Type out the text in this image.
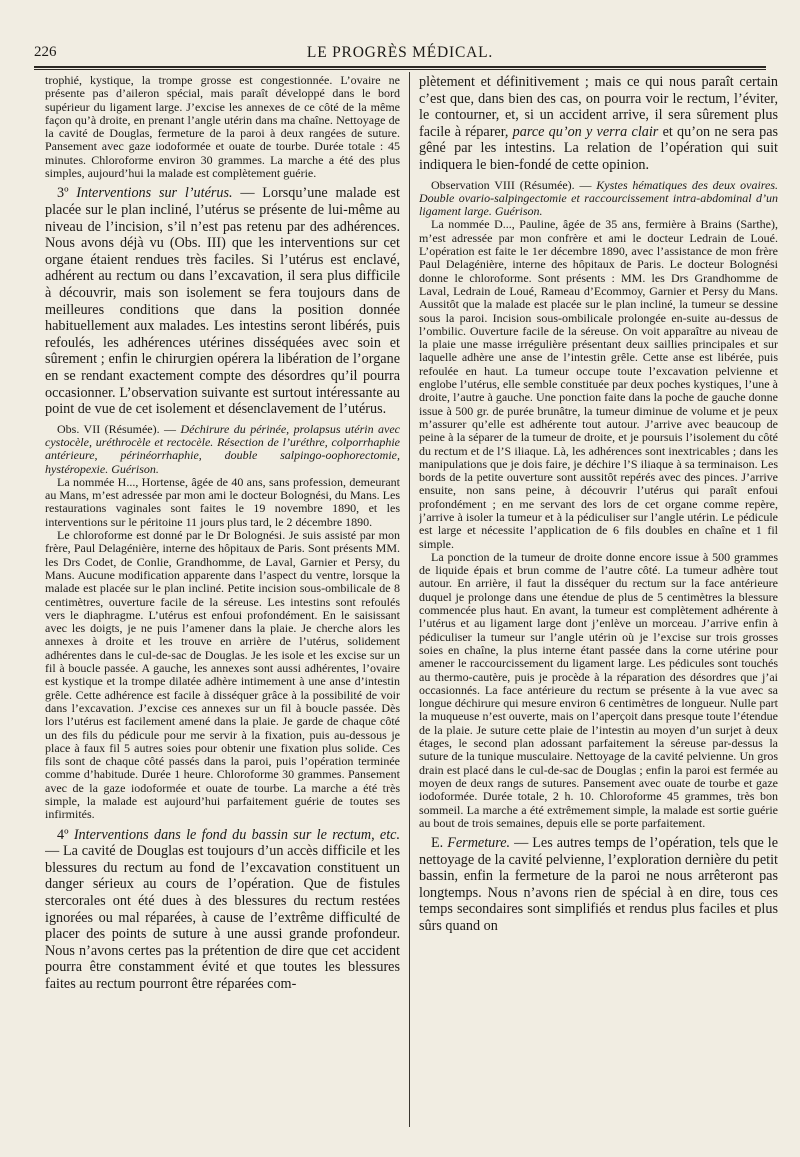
226	LE PROGRÈS MÉDICAL.

trophié, kystique, la trompe grosse est congestionnée. L’ovaire ne présente pas d’aileron spécial, mais paraît développé dans le bord supérieur du ligament large. J’excise les annexes de ce côté de la même façon qu’à droite, en prenant l’angle utérin dans ma chaîne. Nettoyage de la cavité de Douglas, fermeture de la paroi à deux rangées de suture. Pansement avec gaze iodoformée et ouate de tourbe. Durée totale : 45 minutes. Chloroforme environ 30 grammes. La marche a été des plus simples, aujourd’hui la malade est complètement guérie.

3º Interventions sur l’utérus. — Lorsqu’une malade est placée sur le plan incliné, l’utérus se présente de lui-même au niveau de l’incision, s’il n’est pas retenu par des adhérences. Nous avons déjà vu (Obs. III) que les interventions sur cet organe étaient rendues très faciles. Si l’utérus est enclavé, adhérent au rectum ou dans l’excavation, il sera plus difficile à découvrir, mais son isolement se fera toujours dans de meilleures conditions que dans la position donnée habituellement aux malades. Les intestins seront libérés, puis refoulés, les adhérences utérines disséquées avec soin et sûrement ; enfin le chirurgien opérera la libération de l’organe en se rendant exactement compte des désordres qu’il pourra occasionner. L’observation suivante est surtout intéressante au point de vue de cet isolement et désenclavement de l’utérus.

Obs. VII (Résumée). — Déchirure du périnée, prolapsus utérin avec cystocèle, uréthrocèle et rectocèle. Résection de l’uréthre, colporrhaphie antérieure, périnéorrhaphie, double salpingo-oophorectomie, hystéropexie. Guérison.

La nommée H..., Hortense, âgée de 40 ans, sans profession, demeurant au Mans, m’est adressée par mon ami le docteur Bolognési, du Mans. Les restaurations vaginales sont faites le 19 novembre 1890, et les interventions sur le péritoine 11 jours plus tard, le 2 décembre 1890.

Le chloroforme est donné par le Dr Bolognési. Je suis assisté par mon frère, Paul Delagénière, interne des hôpitaux de Paris. Sont présents MM. les Drs Codet, de Conlie, Grandhomme, de Laval, Garnier et Persy, du Mans. Aucune modification apparente dans l’aspect du ventre, lorsque la malade est placée sur le plan incliné. Petite incision sous-ombilicale de 8 centimètres, ouverture facile de la séreuse. Les intestins sont refoulés vers le diaphragme. L’utérus est enfoui profondément. En le saisissant avec les doigts, je ne puis l’amener dans la plaie. Je cherche alors les annexes à droite et les trouve en arrière de l’utérus, solidement adhérentes dans le cul-de-sac de Douglas. Je les isole et les excise sur un fil à boucle passée. A gauche, les annexes sont aussi adhérentes, l’ovaire est kystique et la trompe dilatée adhère intimement à une anse d’intestin grêle. Cette adhérence est facile à disséquer grâce à la possibilité de voir dans l’excavation. J’excise ces annexes sur un fil à boucle passée. Dès lors l’utérus est facilement amené dans la plaie. Je garde de chaque côté un des fils du pédicule pour me servir à la fixation, puis au-dessous je place à faux fil 5 autres soies pour obtenir une fixation plus solide. Ces fils sont de chaque côté passés dans la paroi, puis l’opération terminée comme d’habitude. Durée 1 heure. Chloroforme 30 grammes. Pansement avec de la gaze iodoformée et ouate de tourbe. La marche a été très simple, la malade est aujourd’hui parfaitement guérie de toutes ses infirmités.

4º Interventions dans le fond du bassin sur le rectum, etc. — La cavité de Douglas est toujours d’un accès difficile et les blessures du rectum au fond de l’excavation constituent un danger sérieux au cours de l’opération. Que de fistules stercorales ont été dues à des blessures du rectum restées ignorées ou mal réparées, à cause de l’extrême difficulté de placer des points de suture à une aussi grande profondeur. Nous n’avons certes pas la prétention de dire que cet accident pourra être constamment évité et que toutes les blessures faites au rectum pourront être réparées com-

plètement et définitivement ; mais ce qui nous paraît certain c’est que, dans bien des cas, on pourra voir le rectum, l’éviter, le contourner, et, si un accident arrive, il sera sûrement plus facile à réparer, parce qu’on y verra clair et qu’on ne sera pas gêné par les intestins. La relation de l’opération qui suit indiquera le bien-fondé de cette opinion.

Observation VIII (Résumée). — Kystes hématiques des deux ovaires. Double ovario-salpingectomie et raccourcissement intra-abdominal d’un ligament large. Guérison.

La nommée D..., Pauline, âgée de 35 ans, fermière à Brains (Sarthe), m’est adressée par mon confrère et ami le docteur Ledrain de Loué. L’opération est faite le 1er décembre 1890, avec l’assistance de mon frère Paul Delagénière, interne des hôpitaux de Paris. Le docteur Bolognési donne le chloroforme. Sont présents : MM. les Drs Grandhomme de Laval, Ledrain de Loué, Rameau d’Ecommoy, Garnier et Persy du Mans. Aussitôt que la malade est placée sur le plan incliné, la tumeur se dessine sous la paroi. Incision sous-ombilicale prolongée en-suite au-dessus de l’ombilic. Ouverture facile de la séreuse. On voit apparaître au niveau de la plaie une masse irrégulière présentant deux saillies principales et sur laquelle adhère une anse de l’intestin grêle. Cette anse est libérée, puis refoulée en haut. La tumeur occupe toute l’excavation pelvienne et englobe l’utérus, elle semble constituée par deux poches kystiques, l’une à droite, l’autre à gauche. Une ponction faite dans la poche de gauche donne issue à 500 gr. de purée brunâtre, la tumeur diminue de volume et je peux m’assurer qu’elle est adhérente tout autour. J’arrive avec beaucoup de peine à la séparer de la tumeur de droite, et je poursuis l’isolement du côté du rectum et de l’S iliaque. Là, les adhérences sont inextricables ; dans les manipulations que je dois faire, je déchire l’S iliaque à sa terminaison. Les bords de la petite ouverture sont aussitôt repérés avec des pinces. J’arrive ensuite, non sans peine, à découvrir l’utérus qui paraît enfoui profondément ; en me servant des lors de cet organe comme repère, j’arrive à isoler la tumeur et à la pédiculiser sur l’angle utérin. Le pédicule est large et nécessite l’application de 6 fils doubles en chaîne et 1 fil simple.

La ponction de la tumeur de droite donne encore issue à 500 grammes de liquide épais et brun comme de l’autre côté. La tumeur adhère tout autour. En arrière, il faut la disséquer du rectum sur la face antérieure duquel je prolonge dans une étendue de plus de 5 centimètres la blessure commencée plus haut. En avant, la tumeur est complètement adhérente à l’utérus et au ligament large dont j’enlève un morceau. J’arrive enfin à pédiculiser la tumeur sur l’angle utérin où je l’excise sur trois grosses soies en chaîne, la plus interne étant passée dans la corne utérine pour amener le raccourcissement du ligament large. Les pédicules sont touchés au thermo-cautère, puis je procède à la réparation des désordres que j’ai occasionnés. La face antérieure du rectum se présente à la vue avec sa longue déchirure qui mesure environ 6 centimètres de longueur. Nulle part la muqueuse n’est ouverte, mais on l’aperçoit dans presque toute l’étendue de la plaie. Je suture cette plaie de l’intestin au moyen d’un surjet à deux étages, le second plan adossant parfaitement la séreuse par-dessus la suture de la tunique musculaire. Nettoyage de la cavité pelvienne. Un gros drain est placé dans le cul-de-sac de Douglas ; enfin la paroi est fermée au moyen de deux rangs de sutures. Pansement avec ouate de tourbe et gaze iodoformée. Durée totale, 2 h. 10. Chloroforme 45 grammes, très bon sommeil. La marche a été extrêmement simple, la malade est sortie guérie au bout de trois semaines, depuis elle se porte parfaitement.

E. Fermeture. — Les autres temps de l’opération, tels que le nettoyage de la cavité pelvienne, l’exploration dernière du petit bassin, enfin la fermeture de la paroi ne nous arrêteront pas longtemps. Nous n’avons rien de spécial à en dire, tous ces temps secondaires sont simplifiés et rendus plus faciles et plus sûrs quand on
